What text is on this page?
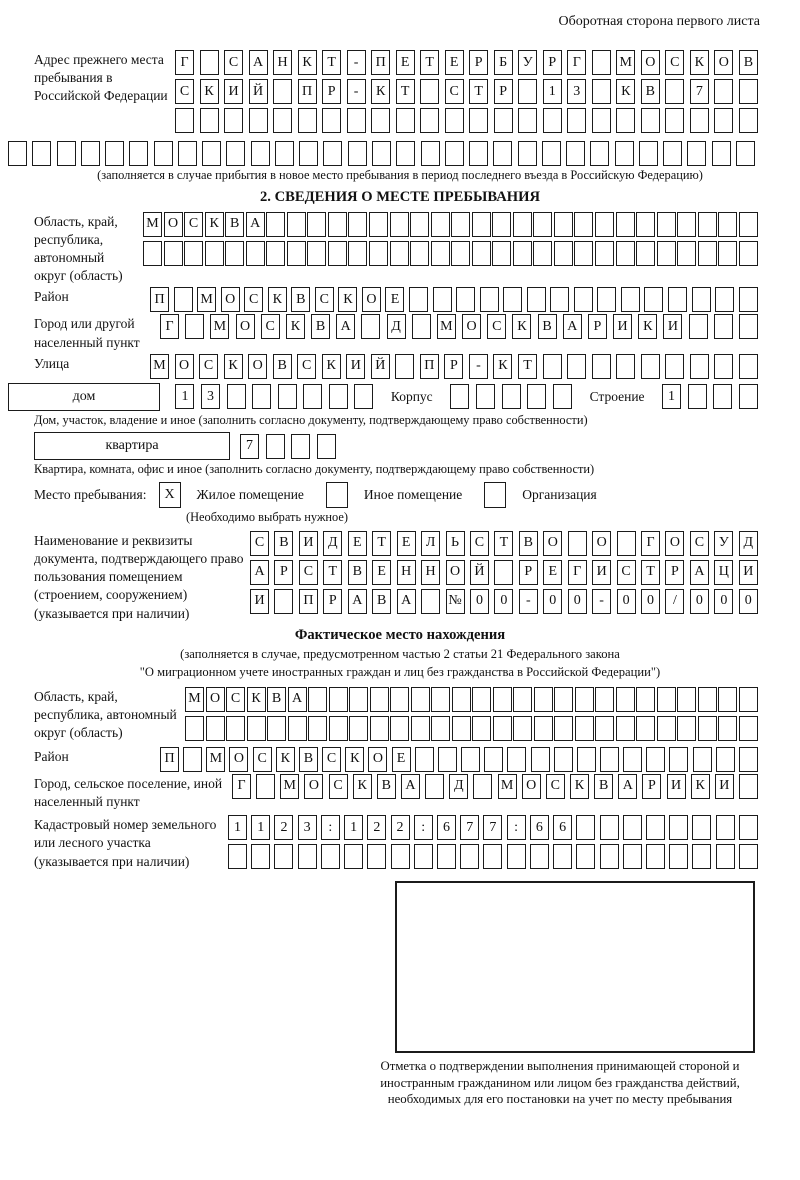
Оборотная сторона первого листа
Адрес прежнего места пребывания в Российской Федерации
Г	С	А	Н	К	Т	-	П	Е	Т	Е	Р	Б	У	Р	Г	М О	С	К	О	В
С	К	И	Й	П	Р	-	К	Т	С	Т	Р	1	3	К	В	7
(заполняется в случае прибытия в новое место пребывания в период последнего въезда в Российскую Федерацию)
2. СВЕДЕНИЯ О МЕСТЕ ПРЕБЫВАНИЯ
Область, край, республика, автономный округ (область)
М О С К В А
Район	П	М О С	К	В	С	К О	Е
Город или другой населенный пункт
Г	М О	С	К	В	А	Д	М О	С	К	В	А	Р	И	К	И
Улица	М О	С	К	О	В	С	К	И	Й	П	Р	-	К	Т
дом	1	3	Корпус	Строение	1
Дом, участок, владение и иное (заполнить согласно документу, подтверждающему право собственности)
квартира	7
Квартира, комната, офис и иное (заполнить согласно документу, подтверждающему право собственности)
Место пребывания:	X	Жилое помещение	Иное помещение	Организация
(Необходимо выбрать нужное)
Наименование и реквизиты документа, подтверждающего право пользования помещением (строением, сооружением) (указывается при наличии)
С	В	И	Д	Е	Т	Е	Л	Ь	С	Т	В	О	О	Г	О	С	У	Д
А	Р	С	Т	В	Е	Н	Н	О	Й	Р	Е	Г	И	С	Т	Р	А	Ц	И
И	П	Р	А	В	А	№	0	0	-	0	0	-	0	0	/	0	0	0
Фактическое место нахождения
(заполняется в случае, предусмотренном частью 2 статьи 21 Федерального закона
"О миграционном учете иностранных граждан и лиц без гражданства в Российской Федерации")
Область, край, республика, автономный округ (область)
М О С К В А
Район	П	М О С К В С К О Е
Город, сельское поселение, иной населенный пункт
Г	М О	С	К	В	А	Д	М О	С	К	В	А	Р	И	К	И
Кадастровый номер земельного или лесного участка (указывается при наличии)
1	1	2	3	:	1	2	2	:	6	7	7	:	6	6
Отметка о подтверждении выполнения принимающей стороной и иностранным гражданином или лицом без гражданства действий, необходимых для его постановки на учет по месту пребывания
